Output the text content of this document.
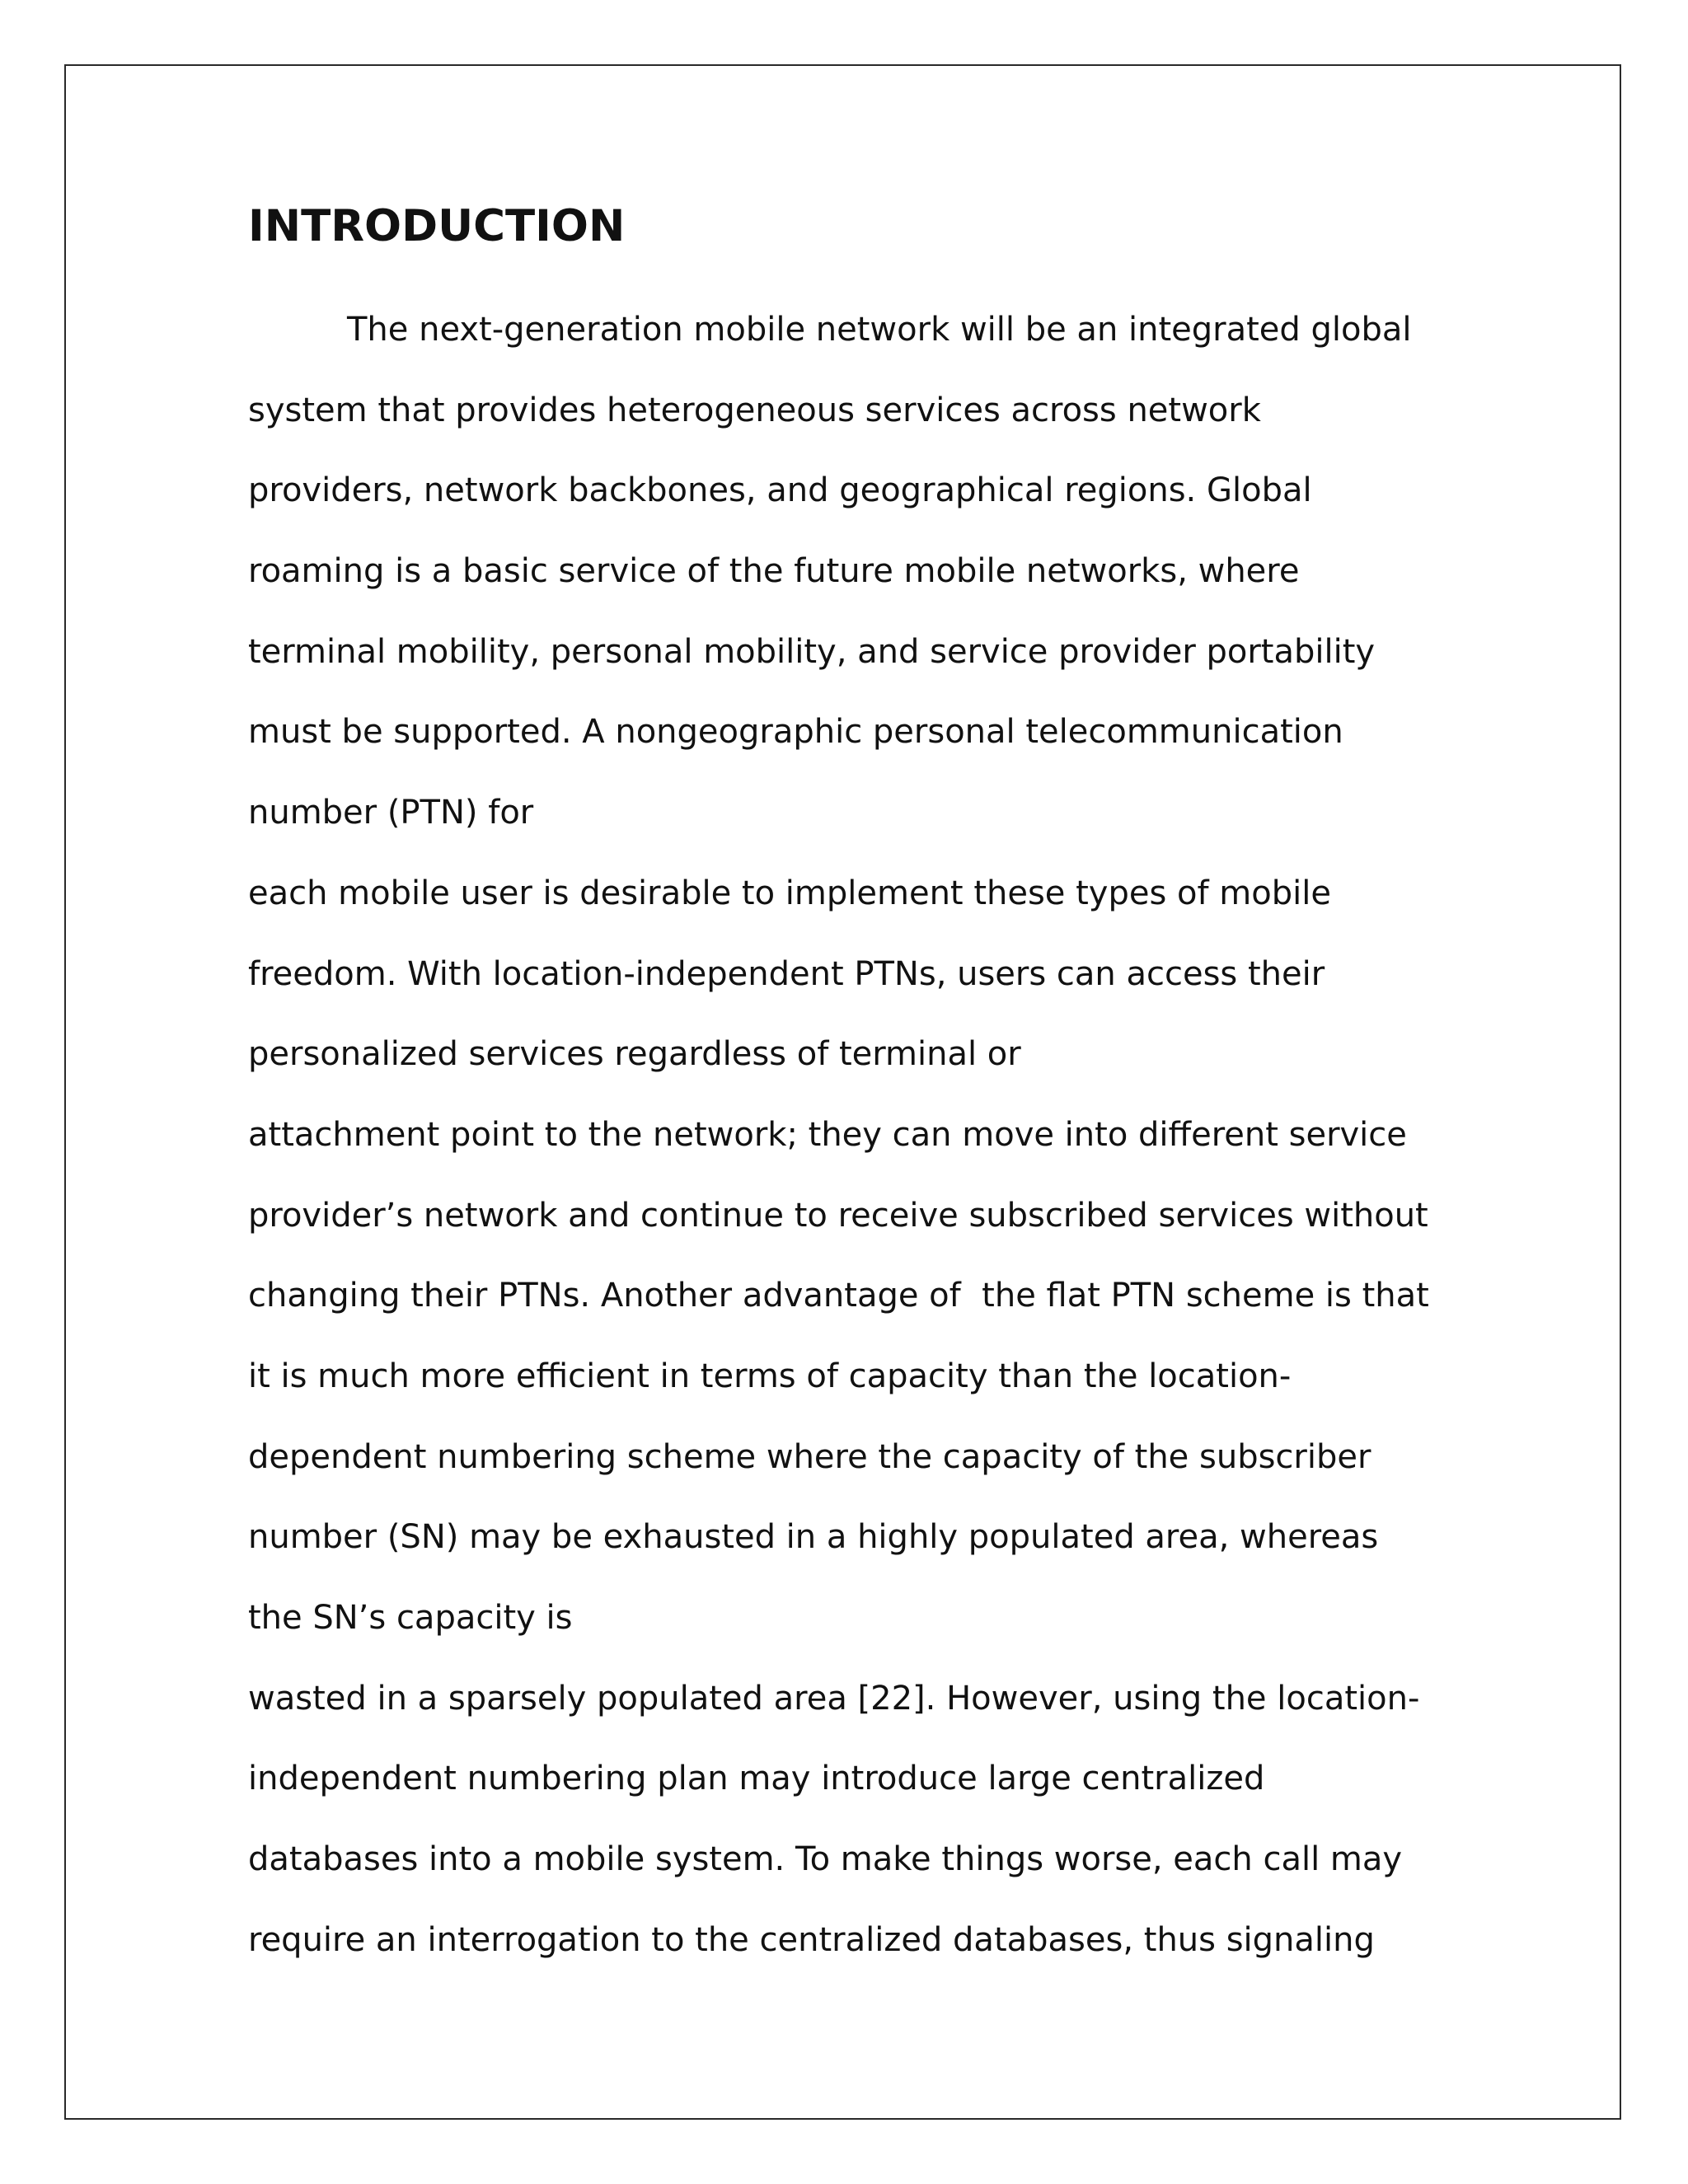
INTRODUCTION
The next-generation mobile network will be an integrated global
system that provides heterogeneous services across network
providers, network backbones, and geographical regions. Global
roaming is a basic service of the future mobile networks, where
terminal mobility, personal mobility, and service provider portability
must be supported. A nongeographic personal telecommunication
number (PTN) for
each mobile user is desirable to implement these types of mobile
freedom. With location-independent PTNs, users can access their
personalized services regardless of terminal or
attachment point to the network; they can move into different service
provider’s network and continue to receive subscribed services without
changing their PTNs. Another advantage of  the flat PTN scheme is that
it is much more efficient in terms of capacity than the location-
dependent numbering scheme where the capacity of the subscriber
number (SN) may be exhausted in a highly populated area, whereas
the SN’s capacity is
wasted in a sparsely populated area [22]. However, using the location-
independent numbering plan may introduce large centralized
databases into a mobile system. To make things worse, each call may
require an interrogation to the centralized databases, thus signaling
